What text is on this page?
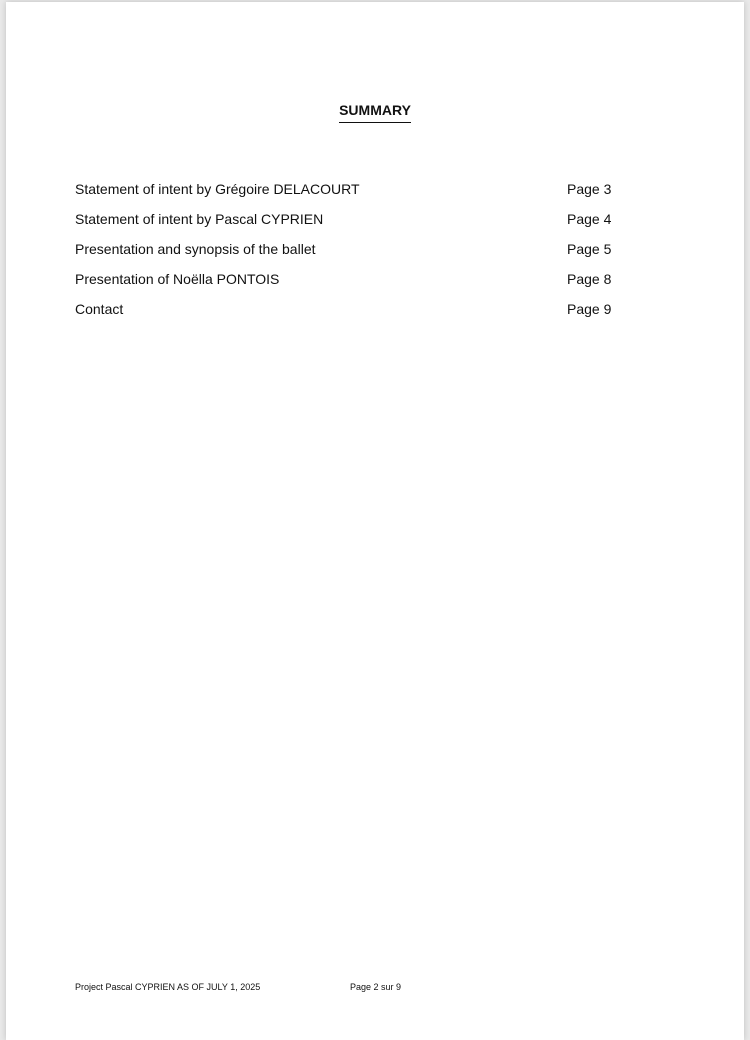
SUMMARY
Statement of intent by Grégoire DELACOURT	Page 3
Statement of intent by Pascal CYPRIEN	Page 4
Presentation and synopsis of the ballet	Page 5
Presentation of Noëlla PONTOIS	Page 8
Contact	Page 9
Project Pascal CYPRIEN AS OF JULY 1, 2025	Page 2 sur 9
